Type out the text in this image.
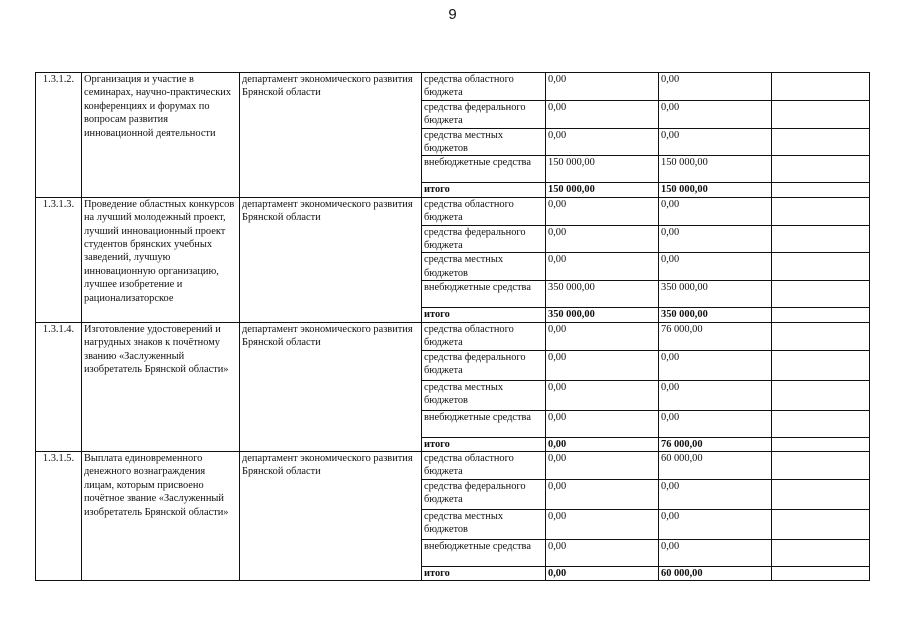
9
1.3.1.2.	Организация и участие в семинарах, научно-практических конференциях и форумах по вопросам развития инновационной деятельности	департамент экономического развития Брянской области	средства областного бюджета	0,00	0,00	

			средства федерального бюджета	0,00	0,00	

			средства местных бюджетов	0,00	0,00	

			внебюджетные средства	150 000,00	150 000,00	

			итого	150 000,00	150 000,00	
1.3.1.3.	Проведение областных конкурсов на лучший молодежный проект, лучший инновационный проект студентов брянских учебных заведений, лучшую инновационную организацию, лучшее изобретение и рационализаторское	департамент экономического развития Брянской области	средства областного бюджета	0,00	0,00	

			средства федерального бюджета	0,00	0,00	

			средства местных бюджетов	0,00	0,00	

			внебюджетные средства	350 000,00	350 000,00	

			итого	350 000,00	350 000,00	
1.3.1.4.	Изготовление удостоверений и нагрудных знаков к почётному званию «Заслуженный изобретатель Брянской области»	департамент экономического развития Брянской области	средства областного бюджета	0,00	76 000,00	

			средства федерального бюджета	0,00	0,00	

			средства местных бюджетов	0,00	0,00	

			внебюджетные средства	0,00	0,00	

			итого	0,00	76 000,00	
1.3.1.5.	Выплата единовременного денежного вознаграждения лицам, которым присвоено почётное звание «Заслуженный изобретатель Брянской области»	департамент экономического развития Брянской области	средства областного бюджета	0,00	60 000,00	

			средства федерального бюджета	0,00	0,00	

			средства местных бюджетов	0,00	0,00	

			внебюджетные средства	0,00	0,00	

			итого	0,00	60 000,00	
